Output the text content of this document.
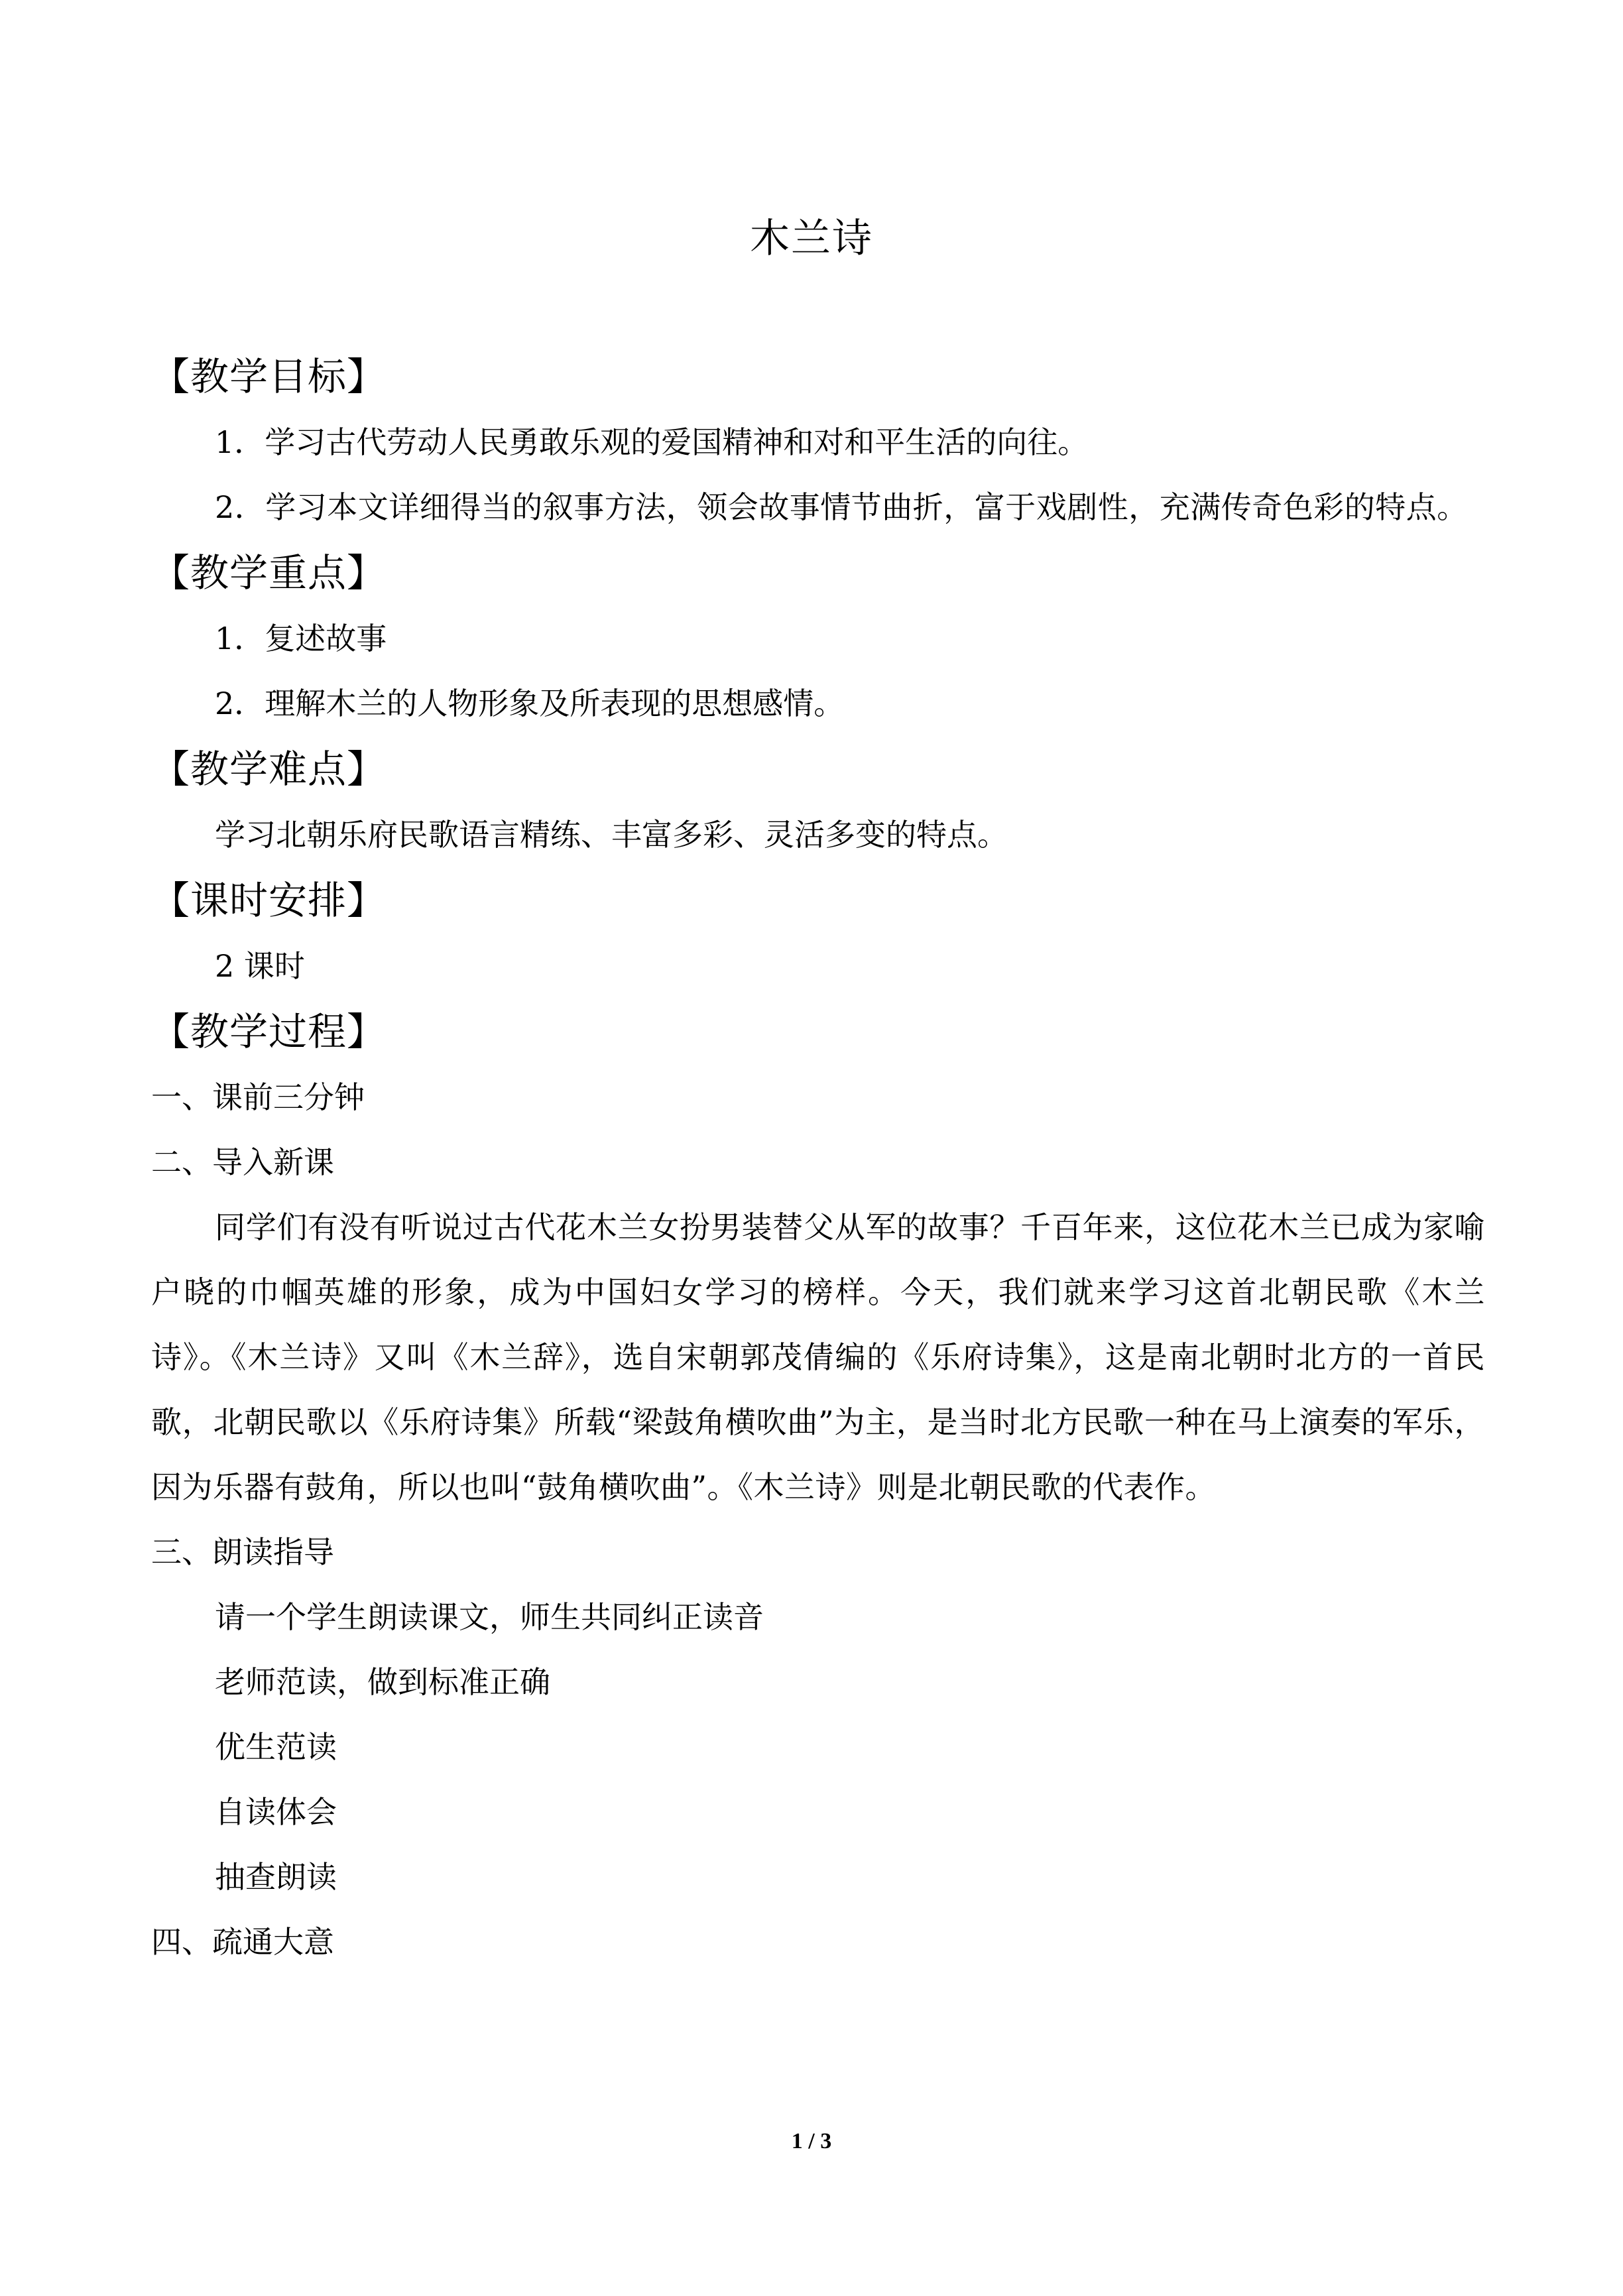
木兰诗
【教学目标】
1．学习古代劳动人民勇敢乐观的爱国精神和对和平生活的向往。
2．学习本文详细得当的叙事方法，领会故事情节曲折，富于戏剧性，充满传奇色彩的特点。
【教学重点】
1．复述故事
2．理解木兰的人物形象及所表现的思想感情。
【教学难点】
学习北朝乐府民歌语言精练、丰富多彩、灵活多变的特点。
【课时安排】
2 课时
【教学过程】
一、课前三分钟
二、导入新课
同学们有没有听说过古代花木兰女扮男装替父从军的故事？千百年来，这位花木兰已成为家喻户晓的巾帼英雄的形象，成为中国妇女学习的榜样。今天，我们就来学习这首北朝民歌《木兰诗》。《木兰诗》又叫《木兰辞》，选自宋朝郭茂倩编的《乐府诗集》，这是南北朝时北方的一首民歌，北朝民歌以《乐府诗集》所载“梁鼓角横吹曲”为主，是当时北方民歌一种在马上演奏的军乐，因为乐器有鼓角，所以也叫“鼓角横吹曲”。《木兰诗》则是北朝民歌的代表作。
三、朗读指导
请一个学生朗读课文，师生共同纠正读音
老师范读，做到标准正确
优生范读
自读体会
抽查朗读
四、疏通大意
1 / 3
